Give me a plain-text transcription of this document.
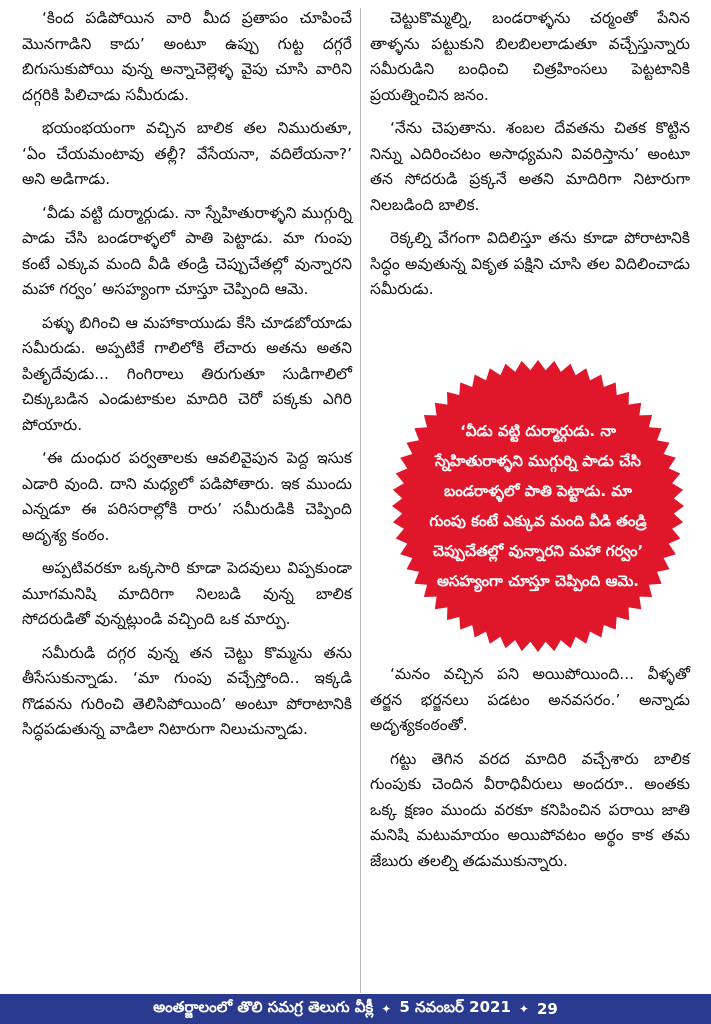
‘కింద పడిపోయిన వారి మీద ప్రతాపం చూపించే మొనగాడిని కాదు’ అంటూ ఉప్పు గుట్ట దగ్గరే బిగుసుకుపోయి వున్న అన్నాచెల్లెళ్ళ వైపు చూసి వారిని దగ్గరికి పిలిచాడు సమీరుడు.

భయంభయంగా వచ్చిన బాలిక తల నిమురుతూ, ‘ఏం చేయమంటావు తల్లీ? వేసేయనా, వదిలేయనా?’ అని అడిగాడు.

‘వీడు వట్టి దుర్మార్గుడు. నా స్నేహితురాళ్ళని ముగ్గుర్ని పాడు చేసి బండరాళ్ళలో పాతి పెట్టాడు. మా గుంపు కంటే ఎక్కువ మంది వీడి తండ్రి చెప్పుచేతల్లో వున్నారని మహా గర్వం’ అసహ్యంగా చూస్తూ చెప్పింది ఆమె.

పళ్ళు బిగించి ఆ మహాకాయుడు కేసి చూడబోయాడు సమీరుడు. అప్పటికే గాలిలోకి లేచారు అతను అతని పితృదేవుడు... గింగిరాలు తిరుగుతూ సుడిగాలిలో చిక్కుబడిన ఎండుటాకుల మాదిరి చెరో పక్కకు ఎగిరి పోయారు.

‘ఈ దుంధుర పర్వతాలకు ఆవలివైపున పెద్ద ఇసుక ఎడారి వుంది. దాని మధ్యలో పడిపోతారు. ఇక ముందు ఎన్నడూ ఈ పరిసరాల్లోకి రారు’ సమీరుడికి చెప్పింది అదృశ్య కంఠం.

అప్పటివరకూ ఒక్కసారి కూడా పెదవులు విప్పకుండా మూగమనిషి మాదిరిగా నిలబడి వున్న బాలిక సోదరుడితో వున్నట్లుండి వచ్చింది ఒక మార్పు.

సమీరుడి దగ్గర వున్న తన చెట్టు కొమ్మను తను తీసేసుకున్నాడు. ‘మా గుంపు వచ్చేస్తోంది.. ఇక్కడి గొడవను గురించి తెలిసిపోయింది’ అంటూ పోరాటానికి సిద్ధపడుతున్న వాడిలా నిటారుగా నిలుచున్నాడు.

చెట్టుకొమ్మల్ని, బండరాళ్ళను చర్మంతో పేనిన తాళ్ళను పట్టుకుని బిలబిలలాడుతూ వచ్చేస్తున్నారు సమీరుడిని బంధించి చిత్రహింసలు పెట్టటానికి ప్రయత్నించిన జనం.

‘నేను చెపుతాను. శంబల దేవతను చితక కొట్టిన నిన్ను ఎదిరించటం అసాధ్యమని వివరిస్తాను’ అంటూ తన సోదరుడి ప్రక్కనే అతని మాదిరిగా నిటారుగా నిలబడింది బాలిక.

రెక్కల్ని వేగంగా విదిలిస్తూ తను కూడా పోరాటానికి సిద్ధం అవుతున్న వికృత పక్షిని చూసి తల విదిలించాడు సమీరుడు.

‘వీడు వట్టి దుర్మార్గుడు. నా స్నేహితురాళ్ళని ముగ్గుర్ని పాడు చేసి బండరాళ్ళలో పాతి పెట్టాడు. మా గుంపు కంటే ఎక్కువ మంది వీడి తండ్రి చెప్పుచేతల్లో వున్నారని మహా గర్వం’ అసహ్యంగా చూస్తూ చెప్పింది ఆమె.

‘మనం వచ్చిన పని అయిపోయింది... వీళ్ళతో తర్జన భర్జనలు పడటం అనవసరం.’ అన్నాడు అదృశ్యకంఠంతో.

గట్టు తెగిన వరద మాదిరి వచ్చేశారు బాలిక గుంపుకు చెందిన వీరాధివీరులు అందరూ.. అంతకు ఒక్క క్షణం ముందు వరకూ కనిపించిన పరాయి జాతి మనిషి మటుమాయం అయిపోవటం అర్థం కాక తమ జేబురు తలల్ని తడుముకున్నారు.

అంతర్జాలంలో తొలి సమగ్ర తెలుగు వీక్లీ ✦ 5 నవంబర్ 2021 ✦ 29
